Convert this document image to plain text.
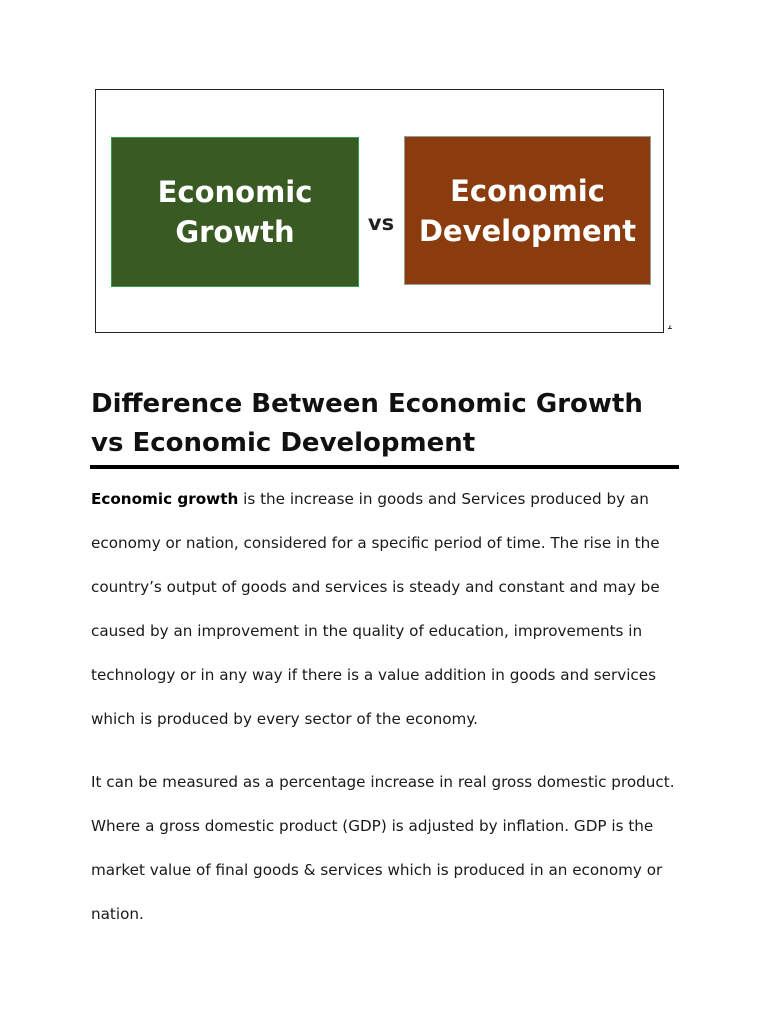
Economic
Growth	vs
Economic
Development
,
Difference Between Economic Growth
vs Economic Development

Economic growth is the increase in goods and Services produced by an economy or nation, considered for a specific period of time. The rise in the country’s output of goods and services is steady and constant and may be caused by an improvement in the quality of education, improvements in technology or in any way if there is a value addition in goods and services which is produced by every sector of the economy.

It can be measured as a percentage increase in real gross domestic product. Where a gross domestic product (GDP) is adjusted by inflation. GDP is the market value of final goods & services which is produced in an economy or nation.
